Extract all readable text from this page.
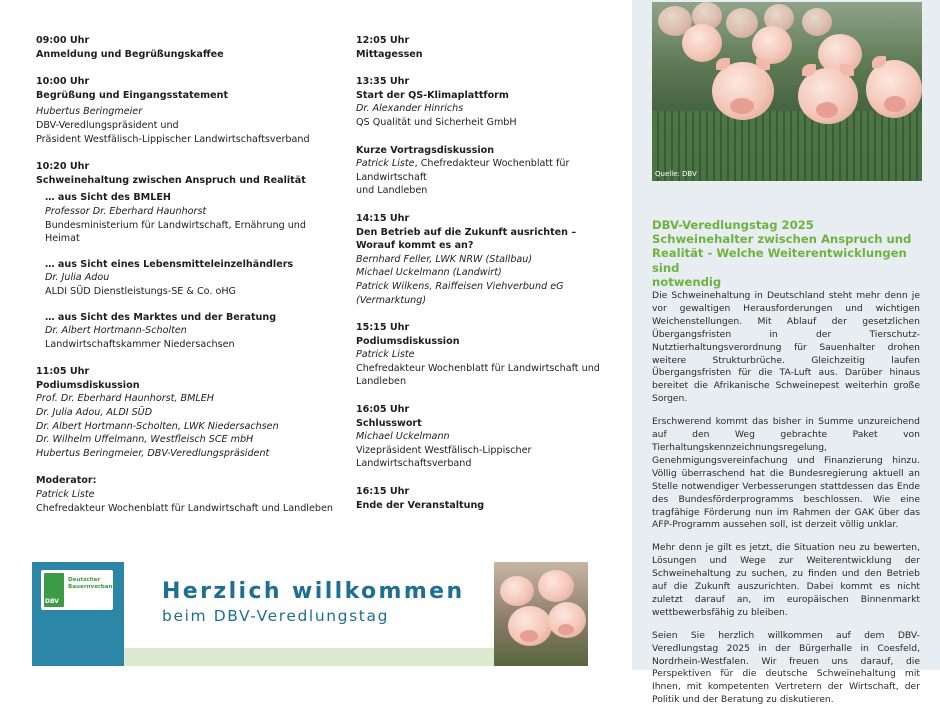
09:00 Uhr
Anmeldung und Begrüßungskaffee
10:00 Uhr
Begrüßung und Eingangsstatement
Hubertus Beringmeier
DBV-Veredlungspräsident und
Präsident Westfälisch-Lippischer Landwirtschaftsverband
10:20 Uhr
Schweinehaltung zwischen Anspruch und Realität
… aus Sicht des BMLEH
Professor Dr. Eberhard Haunhorst
Bundesministerium für Landwirtschaft, Ernährung und
Heimat
… aus Sicht eines Lebensmitteleinzelhändlers
Dr. Julia Adou
ALDI SÜD Dienstleistungs-SE & Co. oHG
… aus Sicht des Marktes und der Beratung
Dr. Albert Hortmann-Scholten
Landwirtschaftskammer Niedersachsen
11:05 Uhr
Podiumsdiskussion
Prof. Dr. Eberhard Haunhorst, BMLEH
Dr. Julia Adou, ALDI SÜD
Dr. Albert Hortmann-Scholten, LWK Niedersachsen
Dr. Wilhelm Uffelmann, Westfleisch SCE mbH
Hubertus Beringmeier, DBV-Veredlungspräsident
Moderator:
Patrick Liste
Chefredakteur Wochenblatt für Landwirtschaft und Landleben
12:05 Uhr
Mittagessen
13:35 Uhr
Start der QS-Klimaplattform
Dr. Alexander Hinrichs
QS Qualität und Sicherheit GmbH
Kurze Vortragsdiskussion
Patrick Liste, Chefredakteur Wochenblatt für Landwirtschaft
und Landleben
14:15 Uhr
Den Betrieb auf die Zukunft ausrichten –
Worauf kommt es an?
Bernhard Feller, LWK NRW (Stallbau)
Michael Uckelmann (Landwirt)
Patrick Wilkens, Raiffeisen Viehverbund eG (Vermarktung)
15:15 Uhr
Podiumsdiskussion
Patrick Liste
Chefredakteur Wochenblatt für Landwirtschaft und
Landleben
16:05 Uhr
Schlusswort
Michael Uckelmann
Vizepräsident Westfälisch-Lippischer
Landwirtschaftsverband
16:15 Uhr
Ende der Veranstaltung
Quelle: DBV
DBV-Veredlungstag 2025
Schweinehalter zwischen Anspruch und
Realität - Welche Weiterentwicklungen sind
notwendig

Die Schweinehaltung in Deutschland steht mehr denn je vor gewaltigen Herausforderungen und wichtigen Weichenstellungen. Mit Ablauf der gesetzlichen Übergangsfristen in der Tierschutz-Nutztierhaltungsverordnung für Sauenhalter drohen weitere Strukturbrüche. Gleichzeitig laufen Übergangsfristen für die TA-Luft aus. Darüber hinaus bereitet die Afrikanische Schweinepest weiterhin große Sorgen.

Erschwerend kommt das bisher in Summe unzureichend auf den Weg gebrachte Paket von Tierhaltungskennzeichnungsregelung, Genehmigungsvereinfachung und Finanzierung hinzu. Völlig überraschend hat die Bundesregierung aktuell an Stelle notwendiger Verbesserungen stattdessen das Ende des Bundesförderprogramms beschlossen. Wie eine tragfähige Förderung nun im Rahmen der GAK über das AFP-Programm aussehen soll, ist derzeit völlig unklar.

Mehr denn je gilt es jetzt, die Situation neu zu bewerten, Lösungen und Wege zur Weiterentwicklung der Schweinehaltung zu suchen, zu finden und den Betrieb auf die Zukunft auszurichten. Dabei kommt es nicht zuletzt darauf an, im europäischen Binnenmarkt wettbewerbsfähig zu bleiben.

Seien Sie herzlich willkommen auf dem DBV-Veredlungstag 2025 in der Bürgerhalle in Coesfeld, Nordrhein-Westfalen. Wir freuen uns darauf, die Perspektiven für die deutsche Schweinehaltung mit Ihnen, mit kompetenten Vertretern der Wirtschaft, der Politik und der Beratung zu diskutieren.

DBV
Deutscher
Bauernverband Herzlich willkommen
beim DBV-Veredlungstag
